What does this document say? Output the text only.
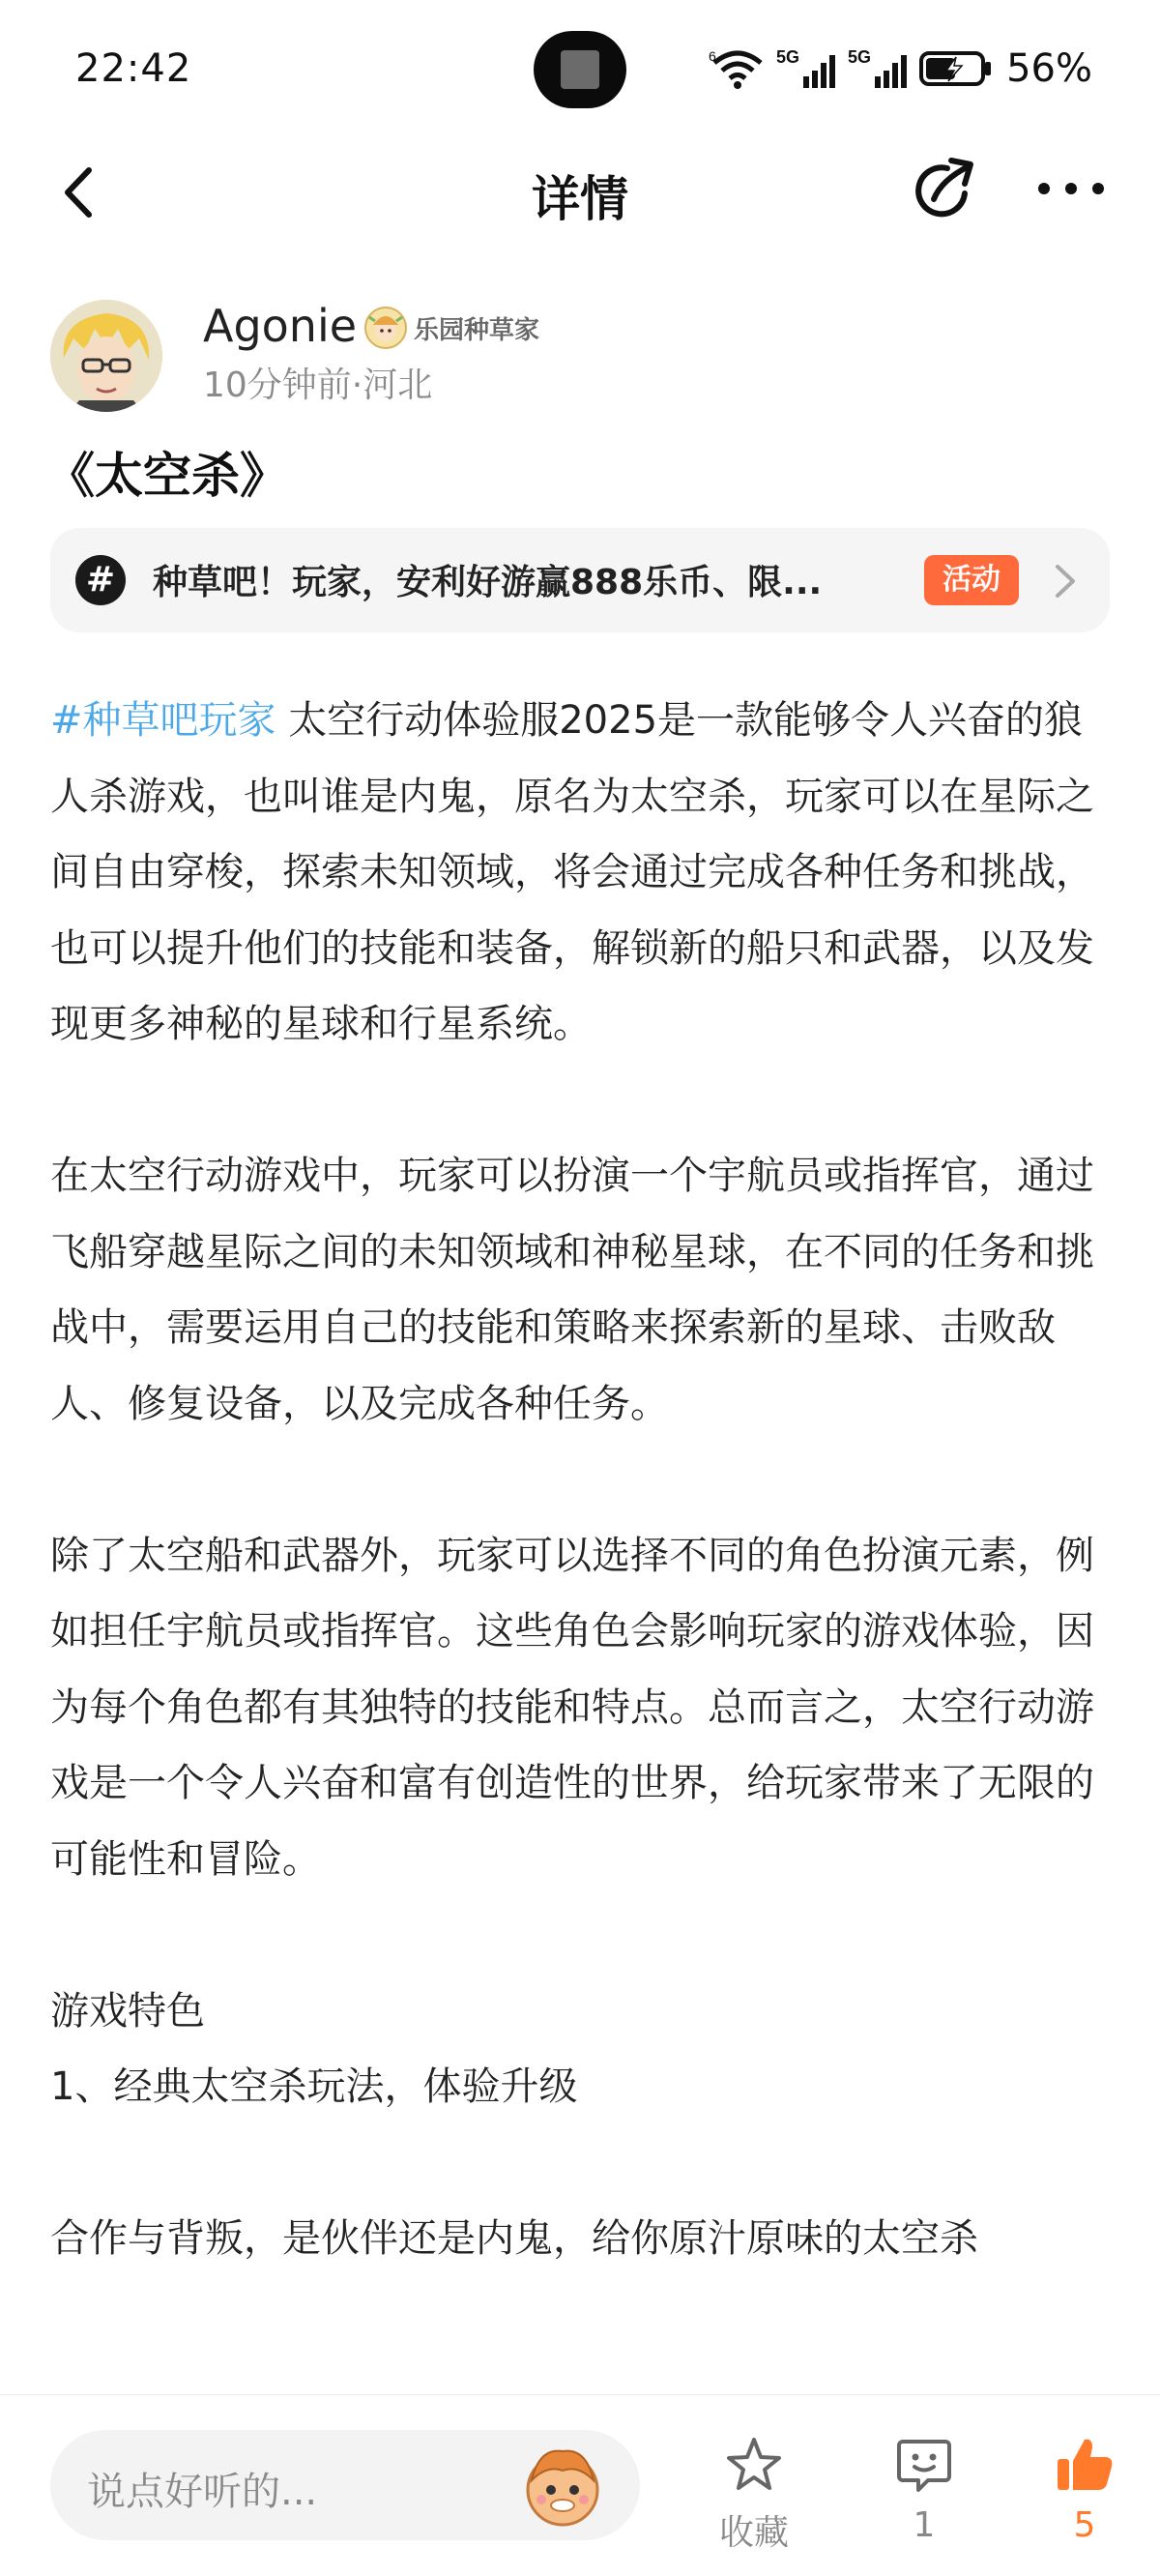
22:42	6	5G	5G	56%
详情
Agonie 乐园种草家
10分钟前·河北
《太空杀》
#	种草吧！玩家，安利好游赢888乐币、限...	活动

#种草吧玩家 太空行动体验服2025是一款能够令人兴奋的狼人杀游戏，也叫谁是内鬼，原名为太空杀，玩家可以在星际之间自由穿梭，探索未知领域，将会通过完成各种任务和挑战，也可以提升他们的技能和装备，解锁新的船只和武器，以及发现更多神秘的星球和行星系统。

在太空行动游戏中，玩家可以扮演一个宇航员或指挥官，通过飞船穿越星际之间的未知领域和神秘星球，在不同的任务和挑战中，需要运用自己的技能和策略来探索新的星球、击败敌人、修复设备，以及完成各种任务。

除了太空船和武器外，玩家可以选择不同的角色扮演元素，例如担任宇航员或指挥官。这些角色会影响玩家的游戏体验，因为每个角色都有其独特的技能和特点。总而言之，太空行动游戏是一个令人兴奋和富有创造性的世界，给玩家带来了无限的可能性和冒险。

游戏特色

1、经典太空杀玩法，体验升级

合作与背叛，是伙伴还是内鬼，给你原汁原味的太空杀

说点好听的...
收藏	1	5
